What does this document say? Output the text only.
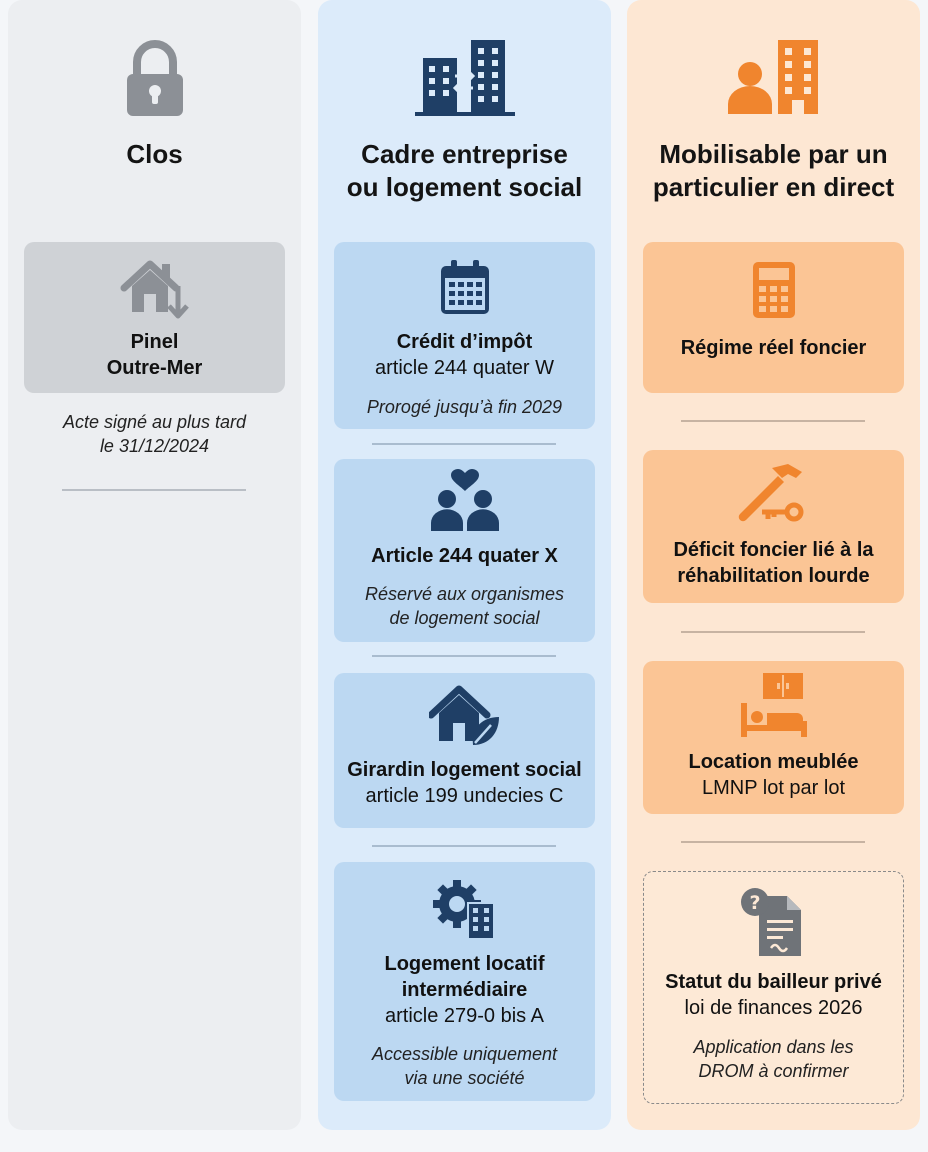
Clos
Pinel
Outre-Mer
Acte signé au plus tard
le 31/12/2024
Cadre entreprise
ou logement social
Crédit d’impôt
article 244 quater W
Prorogé jusqu’à fin 2029
Article 244 quater X
Réservé aux organismes
de logement social
Girardin logement social
article 199 undecies C
Logement locatif
intermédiaire
article 279-0 bis A
Accessible uniquement
via une société
Mobilisable par un
particulier en direct
Régime réel foncier
Déficit foncier lié à la
réhabilitation lourde
Location meublée
LMNP lot par lot
?
Statut du bailleur privé
loi de finances 2026
Application dans les
DROM à confirmer
